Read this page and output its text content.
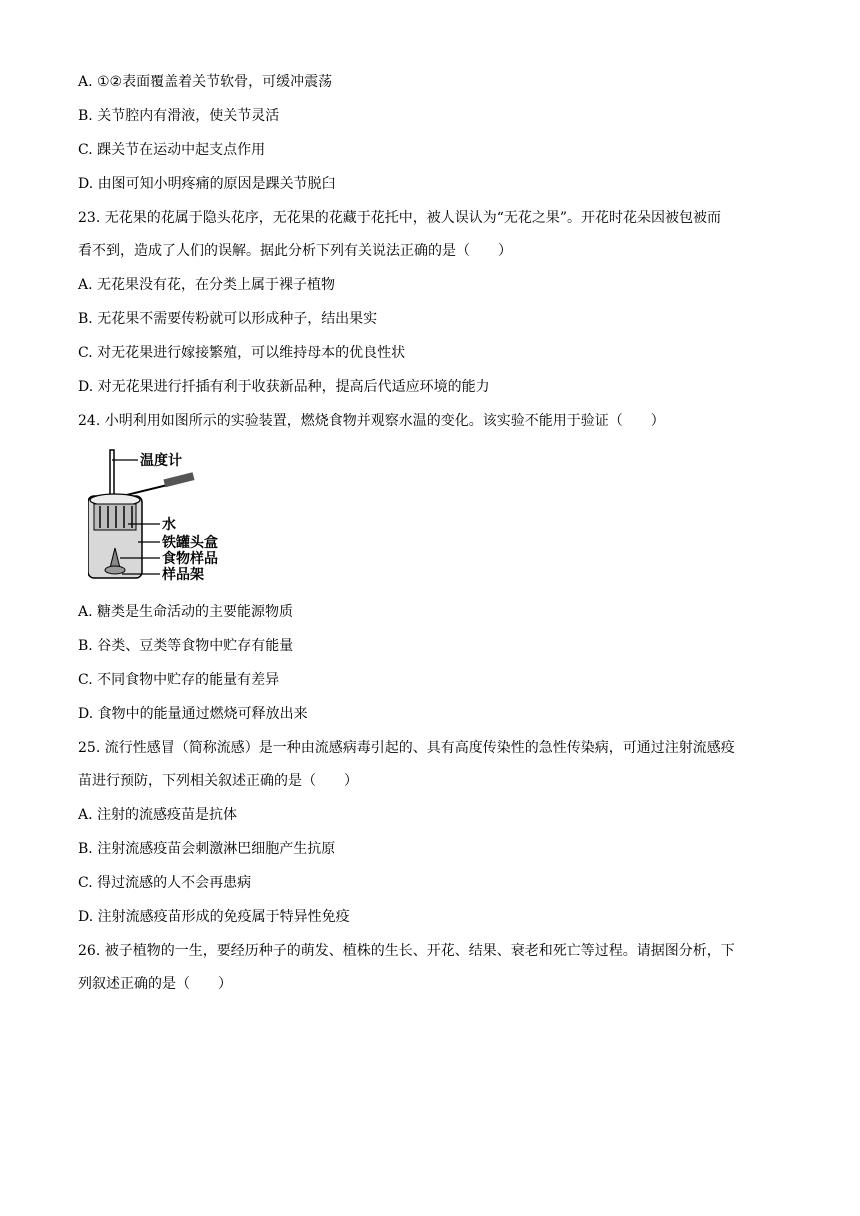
A. ①②表面覆盖着关节软骨，可缓冲震荡
B. 关节腔内有滑液，使关节灵活
C. 踝关节在运动中起支点作用
D. 由图可知小明疼痛的原因是踝关节脱臼
23. 无花果的花属于隐头花序，无花果的花藏于花托中，被人误认为“无花之果”。开花时花朵因被包被而
看不到，造成了人们的误解。据此分析下列有关说法正确的是（　　）
A. 无花果没有花，在分类上属于裸子植物
B. 无花果不需要传粉就可以形成种子，结出果实
C. 对无花果进行嫁接繁殖，可以维持母本的优良性状
D. 对无花果进行扦插有利于收获新品种，提高后代适应环境的能力
24. 小明利用如图所示的实验装置，燃烧食物并观察水温的变化。该实验不能用于验证（　　）
温度计
水
铁罐头盒
食物样品
样品架
A. 糖类是生命活动的主要能源物质
B. 谷类、豆类等食物中贮存有能量
C. 不同食物中贮存的能量有差异
D. 食物中的能量通过燃烧可释放出来
25. 流行性感冒（简称流感）是一种由流感病毒引起的、具有高度传染性的急性传染病，可通过注射流感疫
苗进行预防，下列相关叙述正确的是（　　）
A. 注射的流感疫苗是抗体
B. 注射流感疫苗会刺激淋巴细胞产生抗原
C. 得过流感的人不会再患病
D. 注射流感疫苗形成的免疫属于特异性免疫
26. 被子植物的一生，要经历种子的萌发、植株的生长、开花、结果、衰老和死亡等过程。请据图分析，下
列叙述正确的是（　　）
